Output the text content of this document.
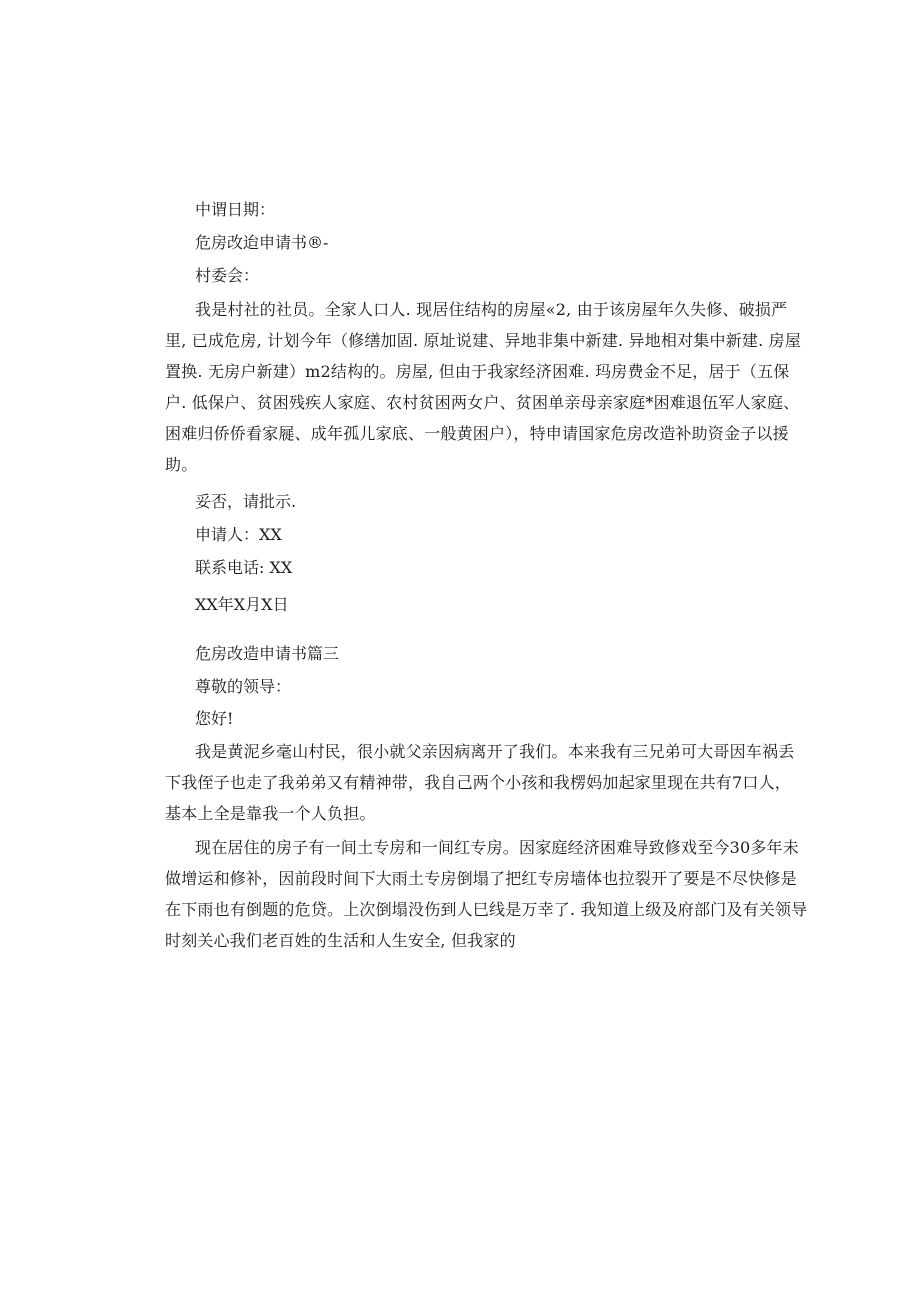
中谓日期：
危房改迨申请书®-
村委会：
我是村社的社员。全家人口人. 现居住结构的房屋«2, 由于该房屋年久失修、破损严
里, 已成危房, 计划今年（修缮加固. 原址说建、异地非集中新建. 异地相对集中新建. 房屋
置换. 无房户新建）m2结构的。房屋, 但由于我家经济困难. 玛房费金不足，居于（五保
户. 低保户、贫困残疾人家庭、农村贫困两女户、贫困单亲母亲家庭*困难退伍军人家庭、
困难归侨侨看家屣、成年孤儿家底、一般黄困户），特申请国家危房改造补助资金子以援
助。
妥否，请批示.
申请人：XX
联系电话: XX
XX年X月X日
危房改造申请书篇三
尊敬的领导：
您好!
我是黄泥乡毫山村民，很小就父亲因病离开了我们。本来我有三兄弟可大哥因车祸丢
下我侄子也走了我弟弟又有精神带，我自己两个小孩和我楞妈加起家里现在共有7口人，
基本上全是靠我一个人负担。
现在居住的房子有一间土专房和一间红专房。因家庭经济困难导致修戏至今30多年未
做增运和修补，因前段时间下大雨土专房倒塌了把红专房墙体也拉裂开了要是不尽快修是
在下雨也有倒题的危贷。上次倒塌没伤到人巳线是万幸了. 我知道上级及府部门及有关领导
时刻关心我们老百姓的生活和人生安全, 但我家的
